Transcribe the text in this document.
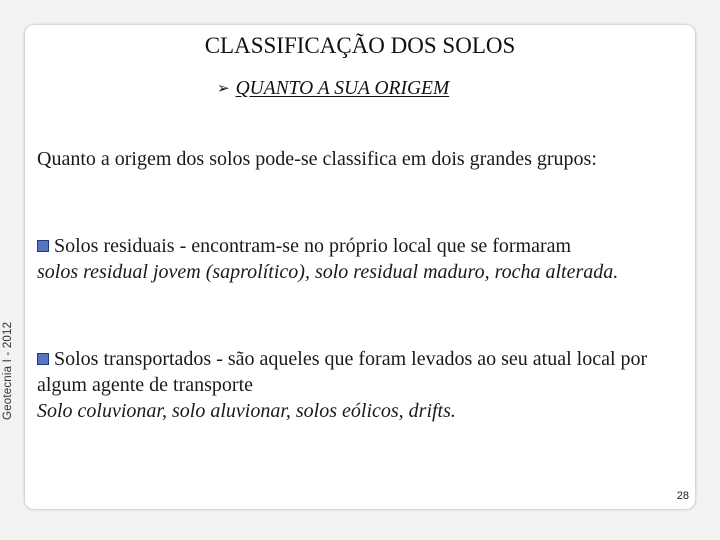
Geotecnia I - 2012
CLASSIFICAÇÃO DOS SOLOS
➢ QUANTO A SUA ORIGEM
Quanto a origem dos solos pode-se classifica em dois grandes grupos:
Solos residuais - encontram-se no próprio local que se formaram
solos residual jovem (saprolítico), solo residual maduro, rocha alterada.
Solos transportados - são aqueles que foram levados ao seu atual local por algum agente de transporte
Solo coluvionar, solo aluvionar, solos eólicos, drifts.
28
